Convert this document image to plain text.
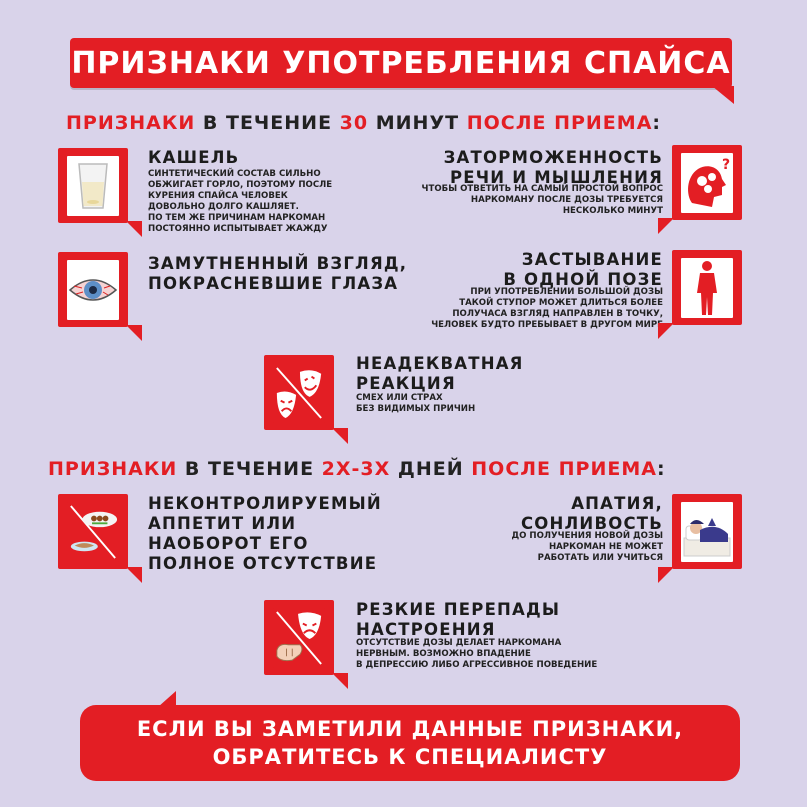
ПРИЗНАКИ УПОТРЕБЛЕНИЯ СПАЙСА
ПРИЗНАКИ В ТЕЧЕНИЕ 30 МИНУТ ПОСЛЕ ПРИЕМА:
КАШЕЛЬ
СИНТЕТИЧЕСКИЙ СОСТАВ СИЛЬНО
ОБЖИГАЕТ ГОРЛО, ПОЭТОМУ ПОСЛЕ
КУРЕНИЯ СПАЙСА ЧЕЛОВЕК
ДОВОЛЬНО ДОЛГО КАШЛЯЕТ.
ПО ТЕМ ЖЕ ПРИЧИНАМ НАРКОМАН
ПОСТОЯННО ИСПЫТЫВАЕТ ЖАЖДУ
ЗАТОРМОЖЕННОСТЬ
РЕЧИ И МЫШЛЕНИЯ
ЧТОБЫ ОТВЕТИТЬ НА САМЫЙ ПРОСТОЙ ВОПРОС
НАРКОМАНУ ПОСЛЕ ДОЗЫ ТРЕБУЕТСЯ
НЕСКОЛЬКО МИНУТ
?
ЗАМУТНЕННЫЙ ВЗГЛЯД,
ПОКРАСНЕВШИЕ ГЛАЗА
ЗАСТЫВАНИЕ
В ОДНОЙ ПОЗЕ
ПРИ УПОТРЕБЛЕНИИ БОЛЬШОЙ ДОЗЫ
ТАКОЙ СТУПОР МОЖЕТ ДЛИТЬСЯ БОЛЕЕ
ПОЛУЧАСА ВЗГЛЯД НАПРАВЛЕН В ТОЧКУ,
ЧЕЛОВЕК БУДТО ПРЕБЫВАЕТ В ДРУГОМ МИРЕ
НЕАДЕКВАТНАЯ
РЕАКЦИЯ
СМЕХ ИЛИ СТРАХ
БЕЗ ВИДИМЫХ ПРИЧИН
ПРИЗНАКИ В ТЕЧЕНИЕ 2Х-3Х ДНЕЙ ПОСЛЕ ПРИЕМА:
НЕКОНТРОЛИРУЕМЫЙ
АППЕТИТ ИЛИ
НАОБОРОТ ЕГО
ПОЛНОЕ ОТСУТСТВИЕ
АПАТИЯ,
СОНЛИВОСТЬ
ДО ПОЛУЧЕНИЯ НОВОЙ ДОЗЫ
НАРКОМАН НЕ МОЖЕТ
РАБОТАТЬ ИЛИ УЧИТЬСЯ
РЕЗКИЕ ПЕРЕПАДЫ
НАСТРОЕНИЯ
ОТСУТСТВИЕ ДОЗЫ ДЕЛАЕТ НАРКОМАНА
НЕРВНЫМ. ВОЗМОЖНО ВПАДЕНИЕ
В ДЕПРЕССИЮ ЛИБО АГРЕССИВНОЕ ПОВЕДЕНИЕ
ЕСЛИ ВЫ ЗАМЕТИЛИ ДАННЫЕ ПРИЗНАКИ,
ОБРАТИТЕСЬ К СПЕЦИАЛИСТУ
